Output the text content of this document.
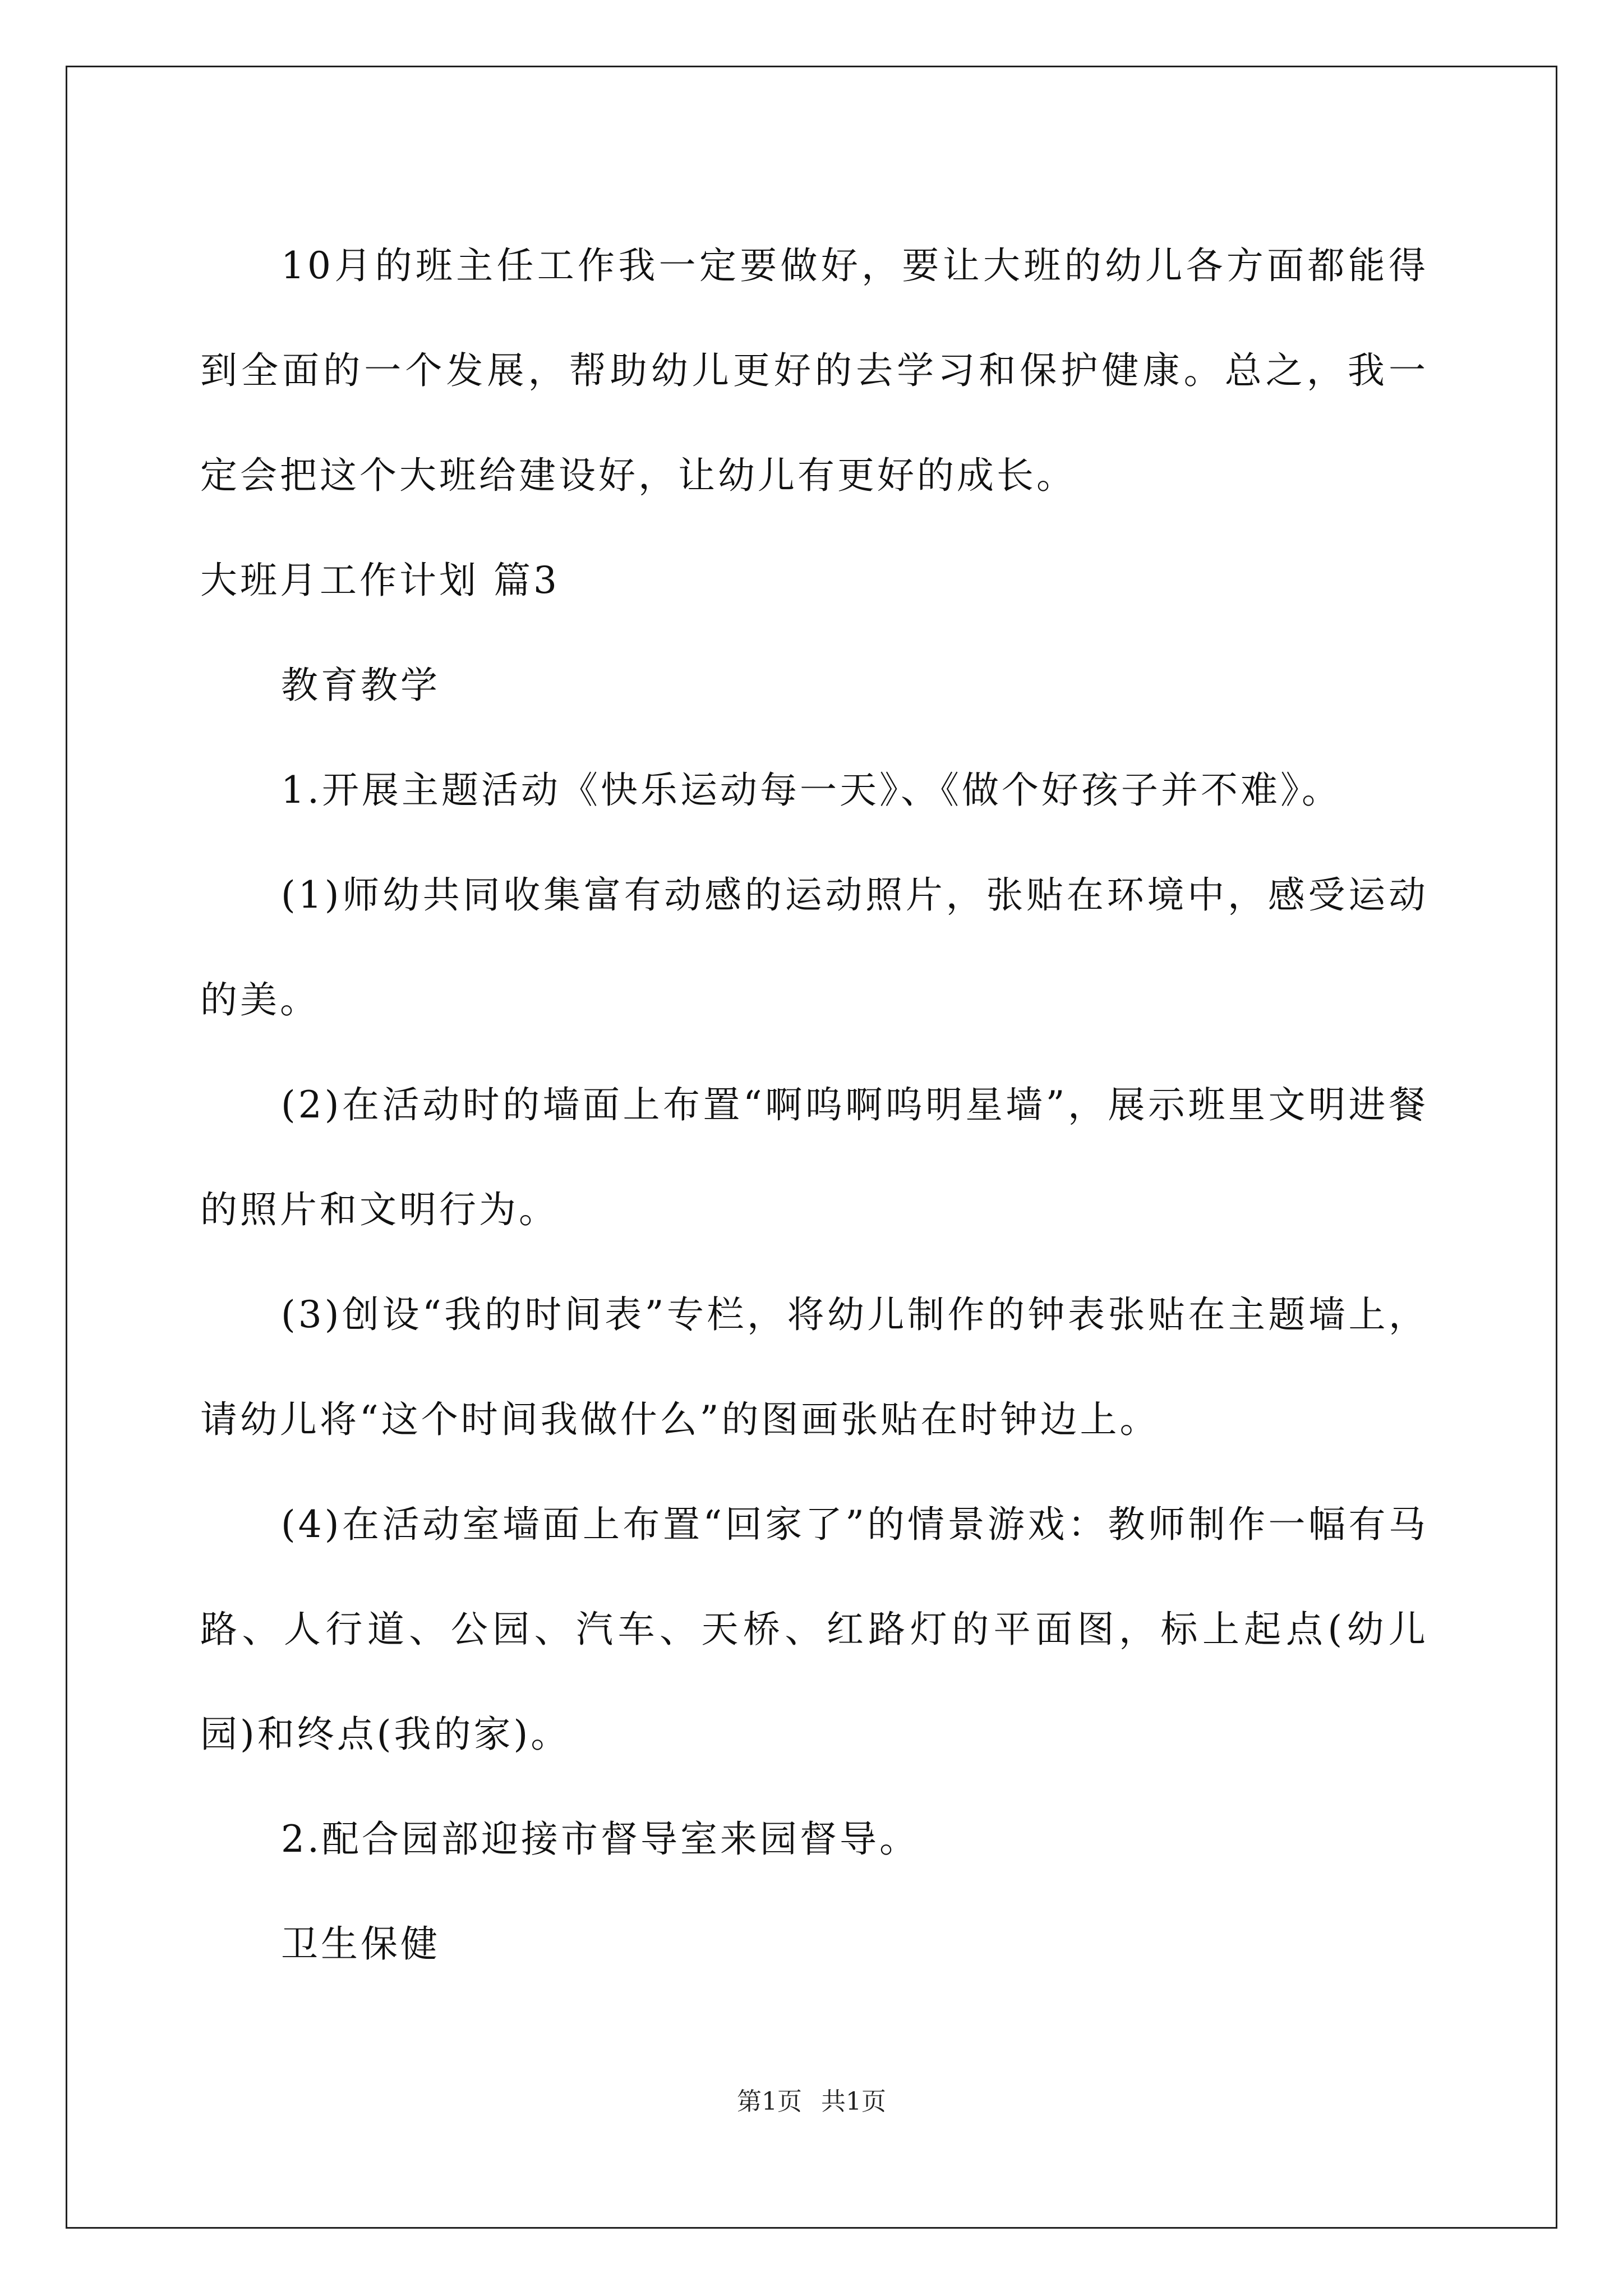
10月的班主任工作我一定要做好，要让大班的幼儿各方面都能得到全面的一个发展，帮助幼儿更好的去学习和保护健康。总之，我一定会把这个大班给建设好，让幼儿有更好的成长。

大班月工作计划 篇3

教育教学

1.开展主题活动《快乐运动每一天》、《做个好孩子并不难》。

(1)师幼共同收集富有动感的运动照片，张贴在环境中，感受运动的美。

(2)在活动时的墙面上布置“啊呜啊呜明星墙”，展示班里文明进餐的照片和文明行为。

(3)创设“我的时间表”专栏，将幼儿制作的钟表张贴在主题墙上，请幼儿将“这个时间我做什么”的图画张贴在时钟边上。

(4)在活动室墙面上布置“回家了”的情景游戏：教师制作一幅有马路、人行道、公园、汽车、天桥、红路灯的平面图，标上起点(幼儿园)和终点(我的家)。

2.配合园部迎接市督导室来园督导。

卫生保健

第1页 共1页
